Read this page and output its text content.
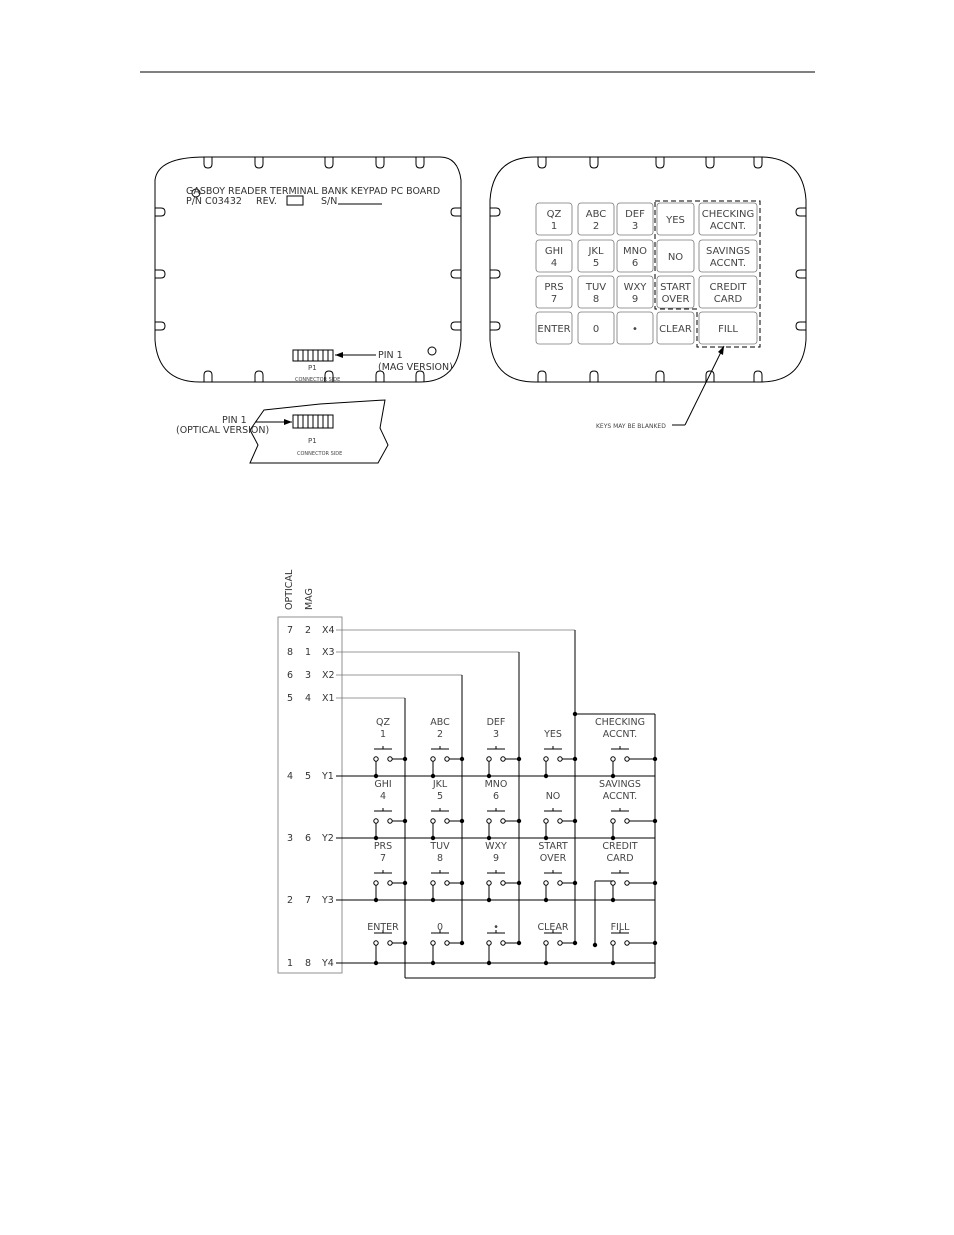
GASBOY READER TERMINAL BANK KEYPAD PC BOARD
P/N C03432 REV.	S/N
P1
CONNECTOR SIDE
PIN 1
(MAG VERSION)
P1
CONNECTOR SIDE
PIN 1
(OPTICAL VERSION)
QZ
1
ABC
2
DEF
3
YES
CHECKING
ACCNT.
GHI
4
JKL
5
MNO
6
NO
SAVINGS
ACCNT.
PRS
7
TUV
8
WXY
9
START
OVER
CREDIT
CARD
ENTER 0	• CLEAR	FILL
KEYS MAY BE BLANKED
OPTICAL MAG
7 2 X4
8 1 X3
6 3 X2
5 4 X1
4 5 Y1
3 6 Y2
2 7 Y3
1 8 Y4
QZ
1
ABC
2
DEF
3	YES
CHECKING
ACCNT.
GHI
4
JKL
5
MNO
6	NO
SAVINGS
ACCNT.
PRS
7
TUV
8
WXY
9
START
OVER
CREDIT
CARD
ENTER	0	•	CLEAR	FILL
